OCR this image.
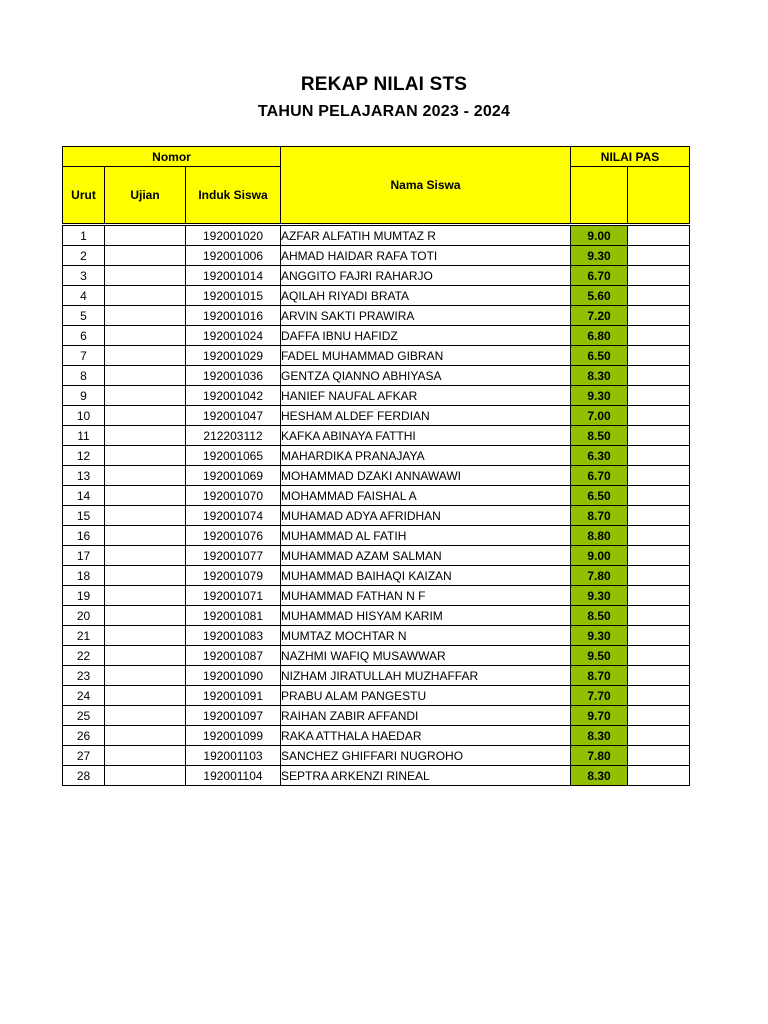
REKAP NILAI STS
TAHUN PELAJARAN 2023 - 2024
Nomor			Nama Siswa	NILAI PAS	
Urut	Ujian	Induk Siswa			

1		192001020	AZFAR ALFATIH MUMTAZ R	9.00	
2		192001006	AHMAD HAIDAR RAFA TOTI	9.30	
3		192001014	ANGGITO FAJRI RAHARJO	6.70	
4		192001015	AQILAH RIYADI BRATA	5.60	
5		192001016	ARVIN SAKTI PRAWIRA	7.20	
6		192001024	DAFFA IBNU HAFIDZ	6.80	
7		192001029	FADEL MUHAMMAD GIBRAN	6.50	
8		192001036	GENTZA QIANNO ABHIYASA	8.30	
9		192001042	HANIEF NAUFAL AFKAR	9.30	
10		192001047	HESHAM ALDEF FERDIAN	7.00	
11		212203112	KAFKA ABINAYA FATTHI	8.50	
12		192001065	MAHARDIKA PRANAJAYA	6.30	
13		192001069	MOHAMMAD DZAKI ANNAWAWI	6.70	
14		192001070	MOHAMMAD FAISHAL A	6.50	
15		192001074	MUHAMAD ADYA AFRIDHAN	8.70	
16		192001076	MUHAMMAD AL FATIH	8.80	
17		192001077	MUHAMMAD AZAM SALMAN	9.00	
18		192001079	MUHAMMAD BAIHAQI KAIZAN	7.80	
19		192001071	MUHAMMAD FATHAN N F	9.30	
20		192001081	MUHAMMAD HISYAM KARIM	8.50	
21		192001083	MUMTAZ MOCHTAR N	9.30	
22		192001087	NAZHMI WAFIQ MUSAWWAR	9.50	
23		192001090	NIZHAM JIRATULLAH MUZHAFFAR	8.70	
24		192001091	PRABU ALAM PANGESTU	7.70	
25		192001097	RAIHAN ZABIR AFFANDI	9.70	
26		192001099	RAKA ATTHALA HAEDAR	8.30	
27		192001103	SANCHEZ GHIFFARI NUGROHO	7.80	
28		192001104	SEPTRA ARKENZI RINEAL	8.30	
